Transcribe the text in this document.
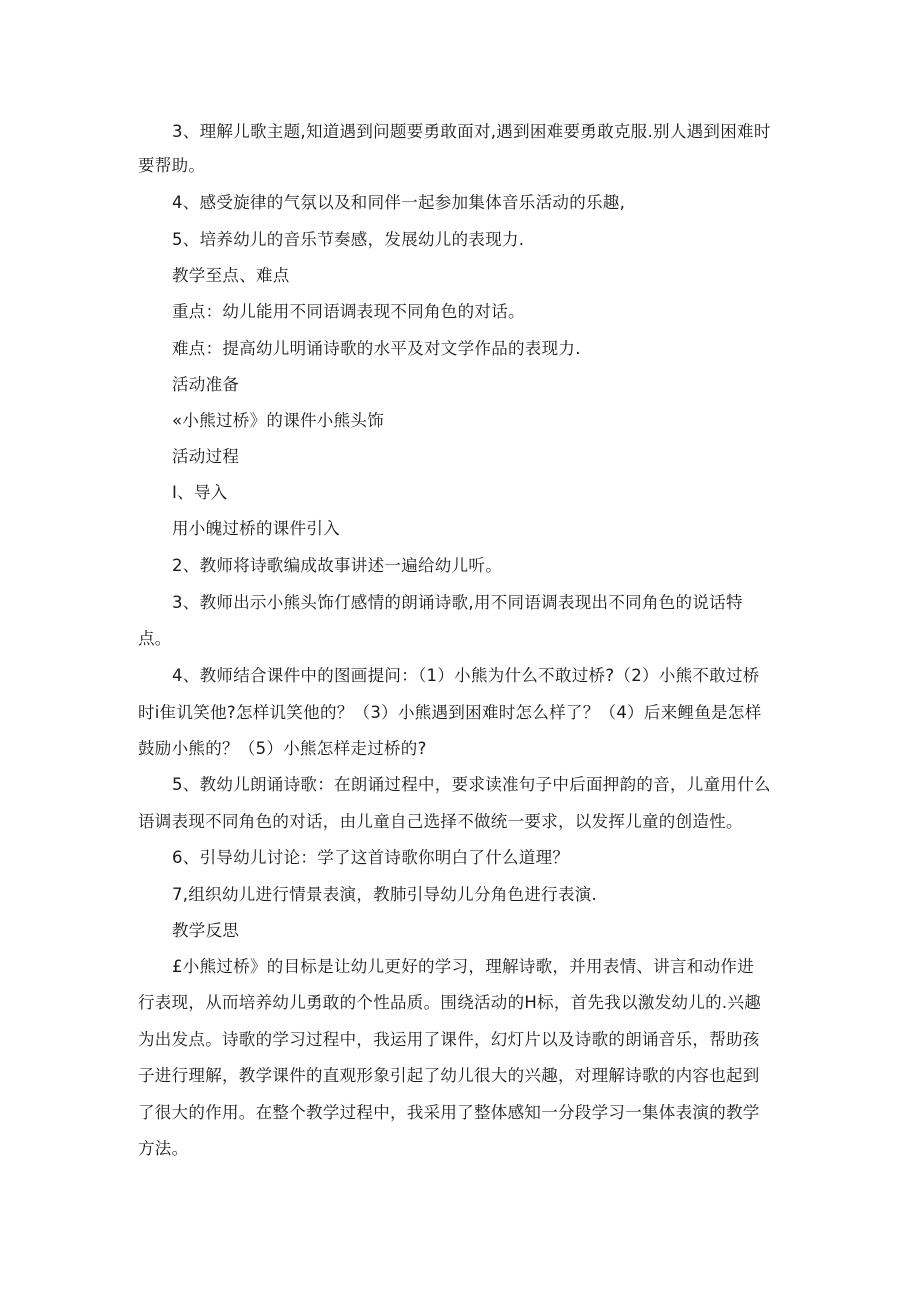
3、理解儿歌主题,知道遇到问题要勇敢面对,遇到困难要勇敢克服.别人遇到困难时
要帮助。
4、感受旋律的气氛以及和同伴一起参加集体音乐活动的乐趣,
5、培养幼儿的音乐节奏感，发展幼儿的表现力.
教学至点、难点
重点：幼儿能用不同语调表现不同角色的对话。
难点：提高幼儿明诵诗歌的水平及对文学作品的表现力.
活动准备
«小熊过桥》的课件小熊头饰
活动过程
I、导入
用小魄过桥的课件引入
2、教师将诗歌编成故事讲述一遍给幼儿听。
3、教师出示小熊头饰仃感情的朗诵诗歌,用不同语调表现出不同角色的说话特
点。
4、教师结合课件中的图画提问：（1）小熊为什么不敢过桥?（2）小熊不敢过桥
时i隹讥笑他?怎样讥笑他的？（3）小熊遇到困难时怎么样了？（4）后来鲤鱼是怎样
鼓励小熊的？（5）小熊怎样走过桥的?
5、教幼儿朗诵诗歌：在朗诵过程中，要求读准句子中后面押韵的音，儿童用什么
语调表现不同角色的对话，由儿童自己选择不做统一要求，以发挥儿童的创造性。
6、引导幼儿讨论：学了这首诗歌你明白了什么道理？
7,组织幼儿进行情景表演，教肺引导幼儿分角色进行表演.
教学反思
£小熊过桥》的目标是让幼儿更好的学习，理解诗歌，并用表情、讲言和动作进
行表现，从而培养幼儿勇敢的个性品质。围绕活动的H标，首先我以激发幼儿的.兴趣
为出发点。诗歌的学习过程中，我运用了课件，幻灯片以及诗歌的朗诵音乐，帮助孩
子进行理解，教学课件的直观形象引起了幼儿很大的兴趣，对理解诗歌的内容也起到
了很大的作用。在整个教学过程中，我采用了整体感知一分段学习一集体表演的教学
方法。
